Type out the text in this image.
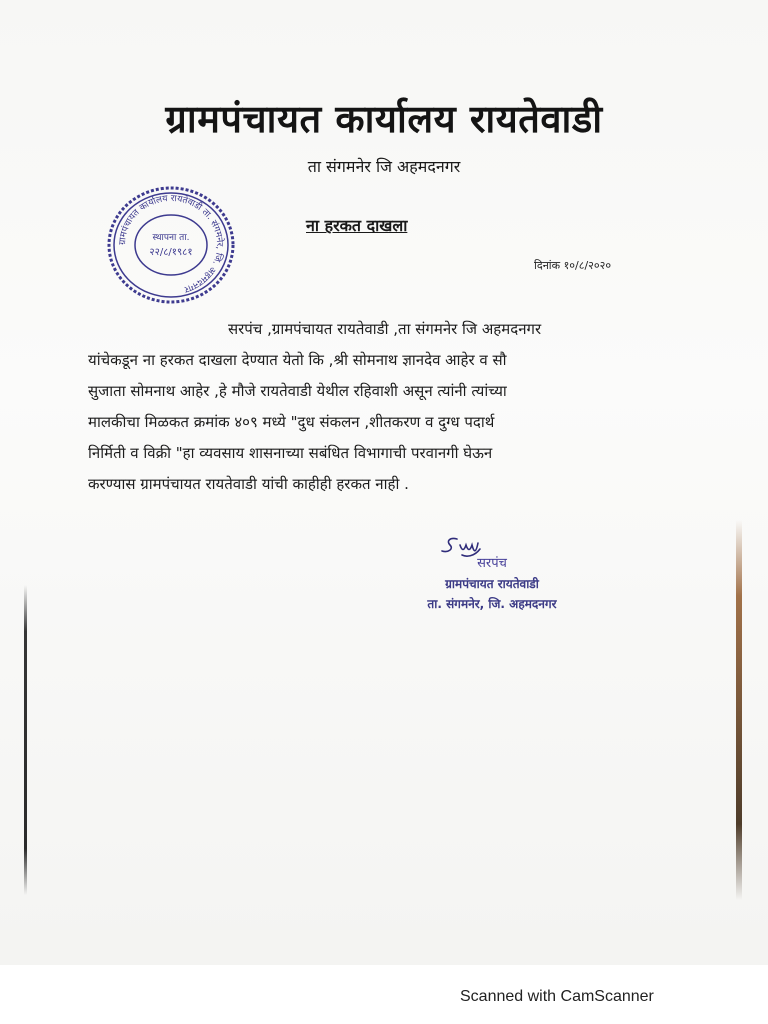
ग्रामपंचायत कार्यालय रायतेवाडी
ता संगमनेर जि अहमदनगर
ग्रामपंचायत कार्यालय रायतेवाडी ता. संगमनेर, जि. अहमदनगर
स्थापना ता.
२२/८/१९८१
ना हरकत दाखला
दिनांक १०/८/२०२०
सरपंच ,ग्रामपंचायत रायतेवाडी ,ता संगमनेर जि अहमदनगर
यांचेकडून ना हरकत दाखला देण्यात येतो कि ,श्री सोमनाथ ज्ञानदेव आहेर व सौ
सुजाता सोमनाथ आहेर ,हे मौजे रायतेवाडी येथील रहिवाशी असून त्यांनी त्यांच्या
मालकीचा मिळकत क्रमांक ४०९ मध्ये "दुध संकलन ,शीतकरण व दुग्ध पदार्थ
निर्मिती व विक्री "हा व्यवसाय शासनाच्या सबंधित विभागाची परवानगी घेऊन
करण्यास ग्रामपंचायत रायतेवाडी यांची काहीही हरकत नाही .
सरपंच
ग्रामपंचायत रायतेवाडी
ता. संगमनेर, जि. अहमदनगर
Scanned with CamScanner
